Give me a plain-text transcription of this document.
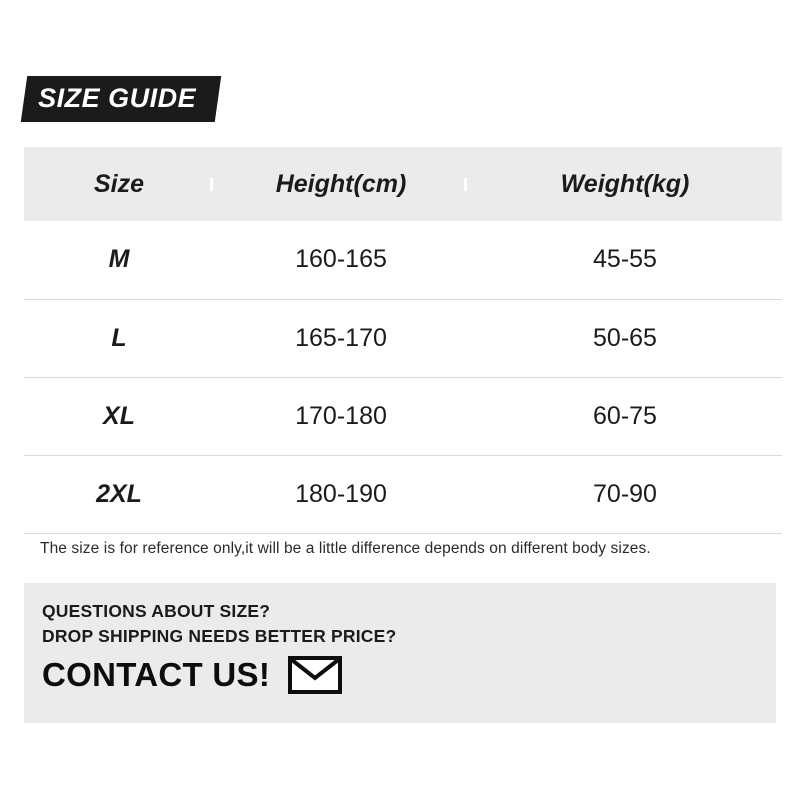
SIZE GUIDE
Size	Height(cm)	Weight(kg)

M	160-165	45-55
L	165-170	50-65
XL	170-180	60-75
2XL	180-190	70-90
The size is for reference only,it will be a little difference depends on different body sizes.
QUESTIONS ABOUT SIZE?
DROP SHIPPING NEEDS BETTER PRICE?
CONTACT US!
